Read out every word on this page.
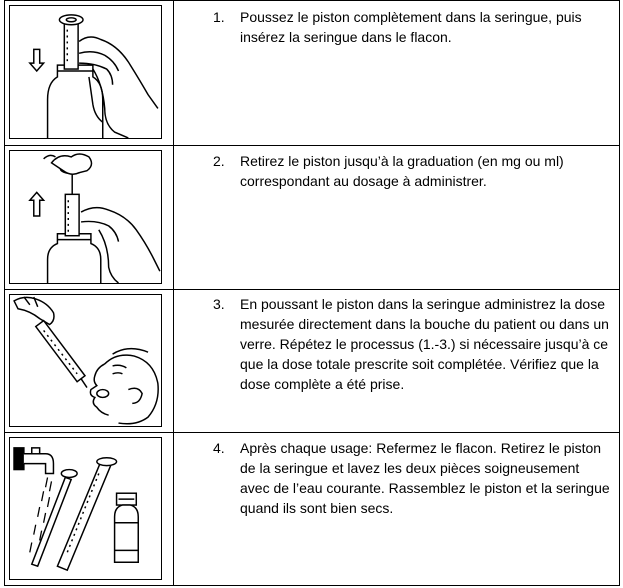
1.	Poussez le piston complètement dans la seringue, puis insérez la seringue dans le flacon.
2.	Retirez le piston jusqu’à la graduation (en mg ou ml) correspondant au dosage à administrer.
3.	En poussant le piston dans la seringue administrez la dose mesurée directement dans la bouche du patient ou dans un verre. Répétez le processus (1.-3.) si nécessaire jusqu’à ce que la dose totale prescrite soit complétée. Vérifiez que la dose complète a été prise.
4.	Après chaque usage: Refermez le flacon. Retirez le piston de la seringue et lavez les deux pièces soigneusement avec de l’eau courante. Rassemblez le piston et la seringue quand ils sont bien secs.
